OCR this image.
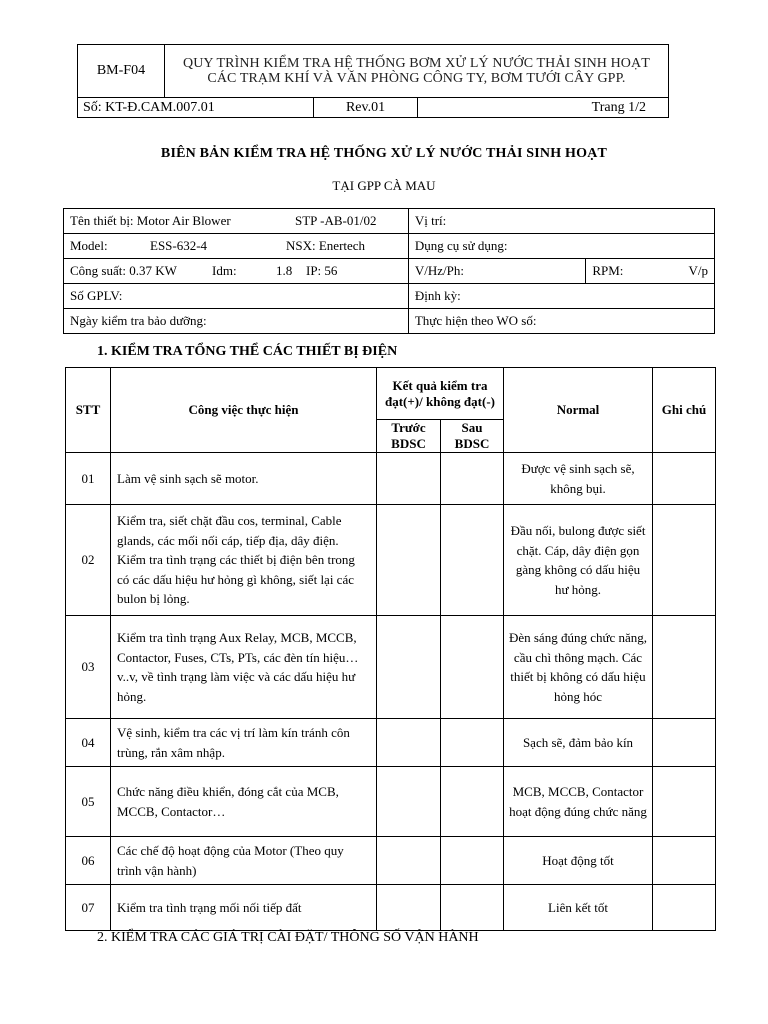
BM-F04	QUY TRÌNH KIỂM TRA HỆ THỐNG BƠM XỬ LÝ NƯỚC THẢI SINH HOẠT CÁC TRẠM KHÍ VÀ VĂN PHÒNG CÔNG TY, BƠM TƯỚI CÂY GPP.		
Số: KT-Đ.CAM.007.01		Rev.01	Trang 1/2
BIÊN BẢN KIỂM TRA HỆ THỐNG XỬ LÝ NƯỚC THẢI SINH HOẠT
TẠI GPP CÀ MAU
Tên thiết bị: Motor Air Blower STP -AB-01/02	Vị trí:	
Model: ESS-632-4 NSX: Enertech	Dụng cụ sử dụng:	
Công suất: 0.37 KW Idm: 1.8 IP: 56	V/Hz/Ph:	RPM: V/p

Số GPLV:	Định kỳ:	
Ngày kiểm tra bảo dưỡng:	Thực hiện theo WO số:	
1. KIỂM TRA TỔNG THỂ CÁC THIẾT BỊ ĐIỆN
STT	Công việc thực hiện	Kết quả kiểm tra đạt(+)/ không đạt(-)		Normal	Ghi chú
		Trước BDSC	Sau BDSC		
01	Làm vệ sinh sạch sẽ motor.			Được vệ sinh sạch sẽ, không bụi.	
02	Kiểm tra, siết chặt đầu cos, terminal, Cable glands, các mối nối cáp, tiếp địa, dây điện. Kiểm tra tình trạng các thiết bị điện bên trong có các dấu hiệu hư hỏng gì không, siết lại các bulon bị lỏng.			Đầu nối, bulong được siết chặt. Cáp, dây điện gọn gàng không có dấu hiệu hư hỏng.	
03	Kiểm tra tình trạng Aux Relay, MCB, MCCB, Contactor, Fuses, CTs, PTs, các đèn tín hiệu…v..v, về tình trạng làm việc và các dấu hiệu hư hỏng.			Đèn sáng đúng chức năng, cầu chì thông mạch. Các thiết bị không có dấu hiệu hỏng hóc	
04	Vệ sinh, kiểm tra các vị trí làm kín tránh côn trùng, rắn xâm nhập.			Sạch sẽ, đảm bảo kín	
05	Chức năng điều khiển, đóng cắt của MCB, MCCB, Contactor…			MCB, MCCB, Contactor hoạt động đúng chức năng	
06	Các chế độ hoạt động của Motor (Theo quy trình vận hành)			Hoạt động tốt	
07	Kiểm tra tình trạng mối nối tiếp đất			Liên kết tốt	
2. KIỂM TRA CÁC GIÁ TRỊ CÀI ĐẶT/ THÔNG SỐ VẬN HÀNH
